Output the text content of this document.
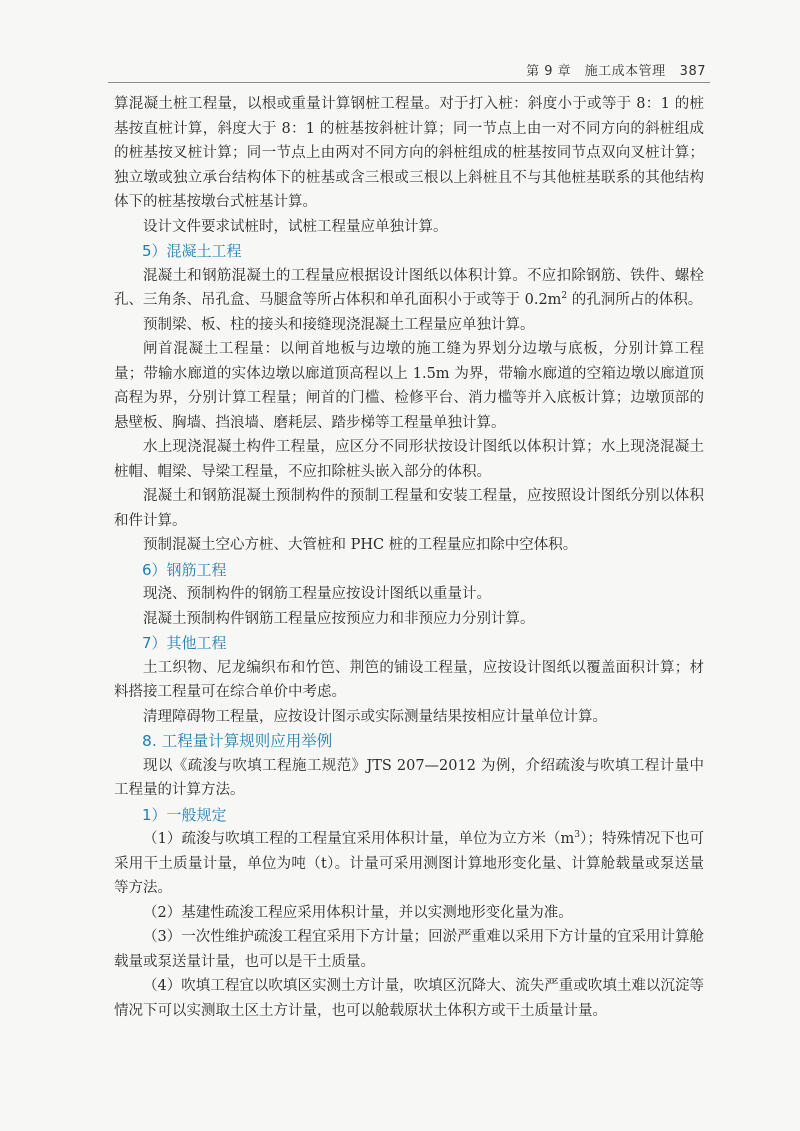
第 9 章　施工成本管理 387

算混凝土桩工程量，以根或重量计算钢桩工程量。对于打入桩：斜度小于或等于 8：1 的桩基按直桩计算，斜度大于 8：1 的桩基按斜桩计算；同一节点上由一对不同方向的斜桩组成的桩基按叉桩计算；同一节点上由两对不同方向的斜桩组成的桩基按同节点双向叉桩计算；独立墩或独立承台结构体下的桩基或含三根或三根以上斜桩且不与其他桩基联系的其他结构体下的桩基按墩台式桩基计算。

设计文件要求试桩时，试桩工程量应单独计算。

5）混凝土工程

混凝土和钢筋混凝土的工程量应根据设计图纸以体积计算。不应扣除钢筋、铁件、螺栓孔、三角条、吊孔盒、马腿盒等所占体积和单孔面积小于或等于 $0.2m^2$ 的孔洞所占的体积。

预制梁、板、柱的接头和接缝现浇混凝土工程量应单独计算。

闸首混凝土工程量：以闸首地板与边墩的施工缝为界划分边墩与底板，分别计算工程量；带输水廊道的实体边墩以廊道顶高程以上 1.5m 为界，带输水廊道的空箱边墩以廊道顶高程为界，分别计算工程量；闸首的门槛、检修平台、消力槛等并入底板计算；边墩顶部的悬壁板、胸墙、挡浪墙、磨耗层、踏步梯等工程量单独计算。

水上现浇混凝土构件工程量，应区分不同形状按设计图纸以体积计算；水上现浇混凝土桩帽、帽梁、导梁工程量，不应扣除桩头嵌入部分的体积。

混凝土和钢筋混凝土预制构件的预制工程量和安装工程量，应按照设计图纸分别以体积和件计算。

预制混凝土空心方桩、大管桩和 PHC 桩的工程量应扣除中空体积。

6）钢筋工程

现浇、预制构件的钢筋工程量应按设计图纸以重量计。

混凝土预制构件钢筋工程量应按预应力和非预应力分别计算。

7）其他工程

土工织物、尼龙编织布和竹笆、荆笆的铺设工程量，应按设计图纸以覆盖面积计算；材料搭接工程量可在综合单价中考虑。

清理障碍物工程量，应按设计图示或实际测量结果按相应计量单位计算。

8. 工程量计算规则应用举例

现以《疏浚与吹填工程施工规范》JTS 207—2012 为例，介绍疏浚与吹填工程计量中工程量的计算方法。

1）一般规定

（1）疏浚与吹填工程的工程量宜采用体积计量，单位为立方米$(m^3)$；特殊情况下也可采用干土质量计量，单位为吨（t）。计量可采用测图计算地形变化量、计算舱载量或泵送量等方法。

（2）基建性疏浚工程应采用体积计量，并以实测地形变化量为准。

（3）一次性维护疏浚工程宜采用下方计量；回淤严重难以采用下方计量的宜采用计算舱载量或泵送量计量，也可以是干土质量。

（4）吹填工程宜以吹填区实测土方计量，吹填区沉降大、流失严重或吹填土难以沉淀等情况下可以实测取土区土方计量，也可以舱载原状土体积方或干土质量计量。
